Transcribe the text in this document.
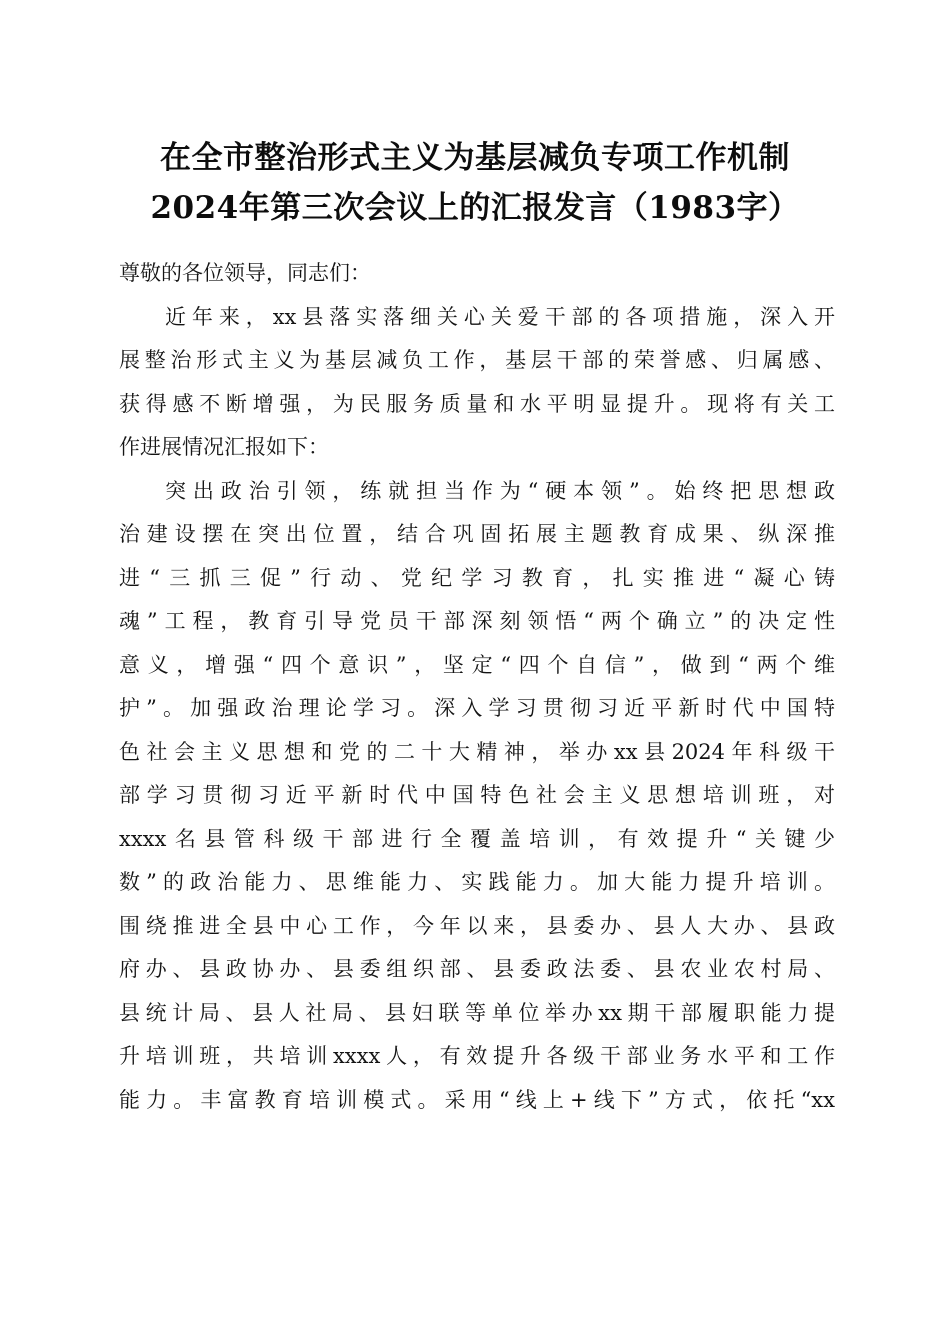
在全市整治形式主义为基层减负专项工作机制
2024年第三次会议上的汇报发言（1983字）
尊敬的各位领导，同志们：
近年来，xx县落实落细关心关爱干部的各项措施，深入开
展整治形式主义为基层减负工作，基层干部的荣誉感、归属感、
获得感不断增强，为民服务质量和水平明显提升。现将有关工
作进展情况汇报如下：
突出政治引领，练就担当作为“硬本领”。始终把思想政
治建设摆在突出位置，结合巩固拓展主题教育成果、纵深推
进“三抓三促”行动、党纪学习教育，扎实推进“凝心铸
魂”工程，教育引导党员干部深刻领悟“两个确立”的决定性
意义，增强“四个意识”，坚定“四个自信”，做到“两个维
护”。加强政治理论学习。深入学习贯彻习近平新时代中国特
色社会主义思想和党的二十大精神，举办xx县2024年科级干
部学习贯彻习近平新时代中国特色社会主义思想培训班，对
xxxx名县管科级干部进行全覆盖培训，有效提升“关键少
数”的政治能力、思维能力、实践能力。加大能力提升培训。
围绕推进全县中心工作，今年以来，县委办、县人大办、县政
府办、县政协办、县委组织部、县委政法委、县农业农村局、
县统计局、县人社局、县妇联等单位举办xx期干部履职能力提
升培训班，共培训xxxx人，有效提升各级干部业务水平和工作
能力。丰富教育培训模式。采用“线上+线下”方式，依托“xx
